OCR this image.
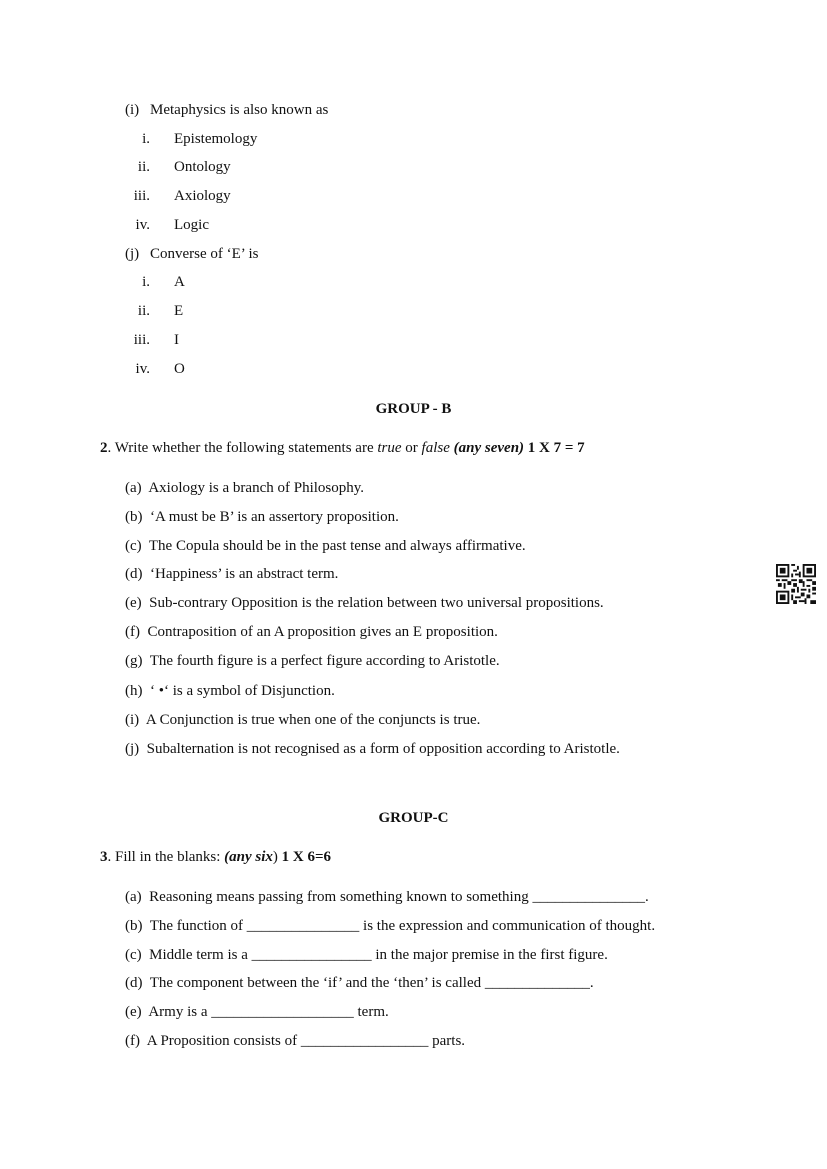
(i) Metaphysics is also known as
i. Epistemology
ii. Ontology
iii. Axiology
iv. Logic
(j) Converse of ‘E’ is
i. A
ii. E
iii. I
iv. O
GROUP - B
2. Write whether the following statements are true or false (any seven) 1 X 7 = 7
(a) Axiology is a branch of Philosophy.
(b) ‘A must be B’ is an assertory proposition.
(c) The Copula should be in the past tense and always affirmative.
(d) ‘Happiness’ is an abstract term.
(e) Sub-contrary Opposition is the relation between two universal propositions.
(f) Contraposition of an A proposition gives an E proposition.
(g) The fourth figure is a perfect figure according to Aristotle.
(h) ‘ •‘ is a symbol of Disjunction.
(i) A Conjunction is true when one of the conjuncts is true.
(j) Subalternation is not recognised as a form of opposition according to Aristotle.
GROUP-C
3. Fill in the blanks: (any six) 1 X 6=6
(a) Reasoning means passing from something known to something _______________.
(b) The function of _______________ is the expression and communication of thought.
(c) Middle term is a ________________ in the major premise in the first figure.
(d) The component between the ‘if’ and the ‘then’ is called ______________.
(e) Army is a ___________________ term.
(f) A Proposition consists of _________________ parts.
